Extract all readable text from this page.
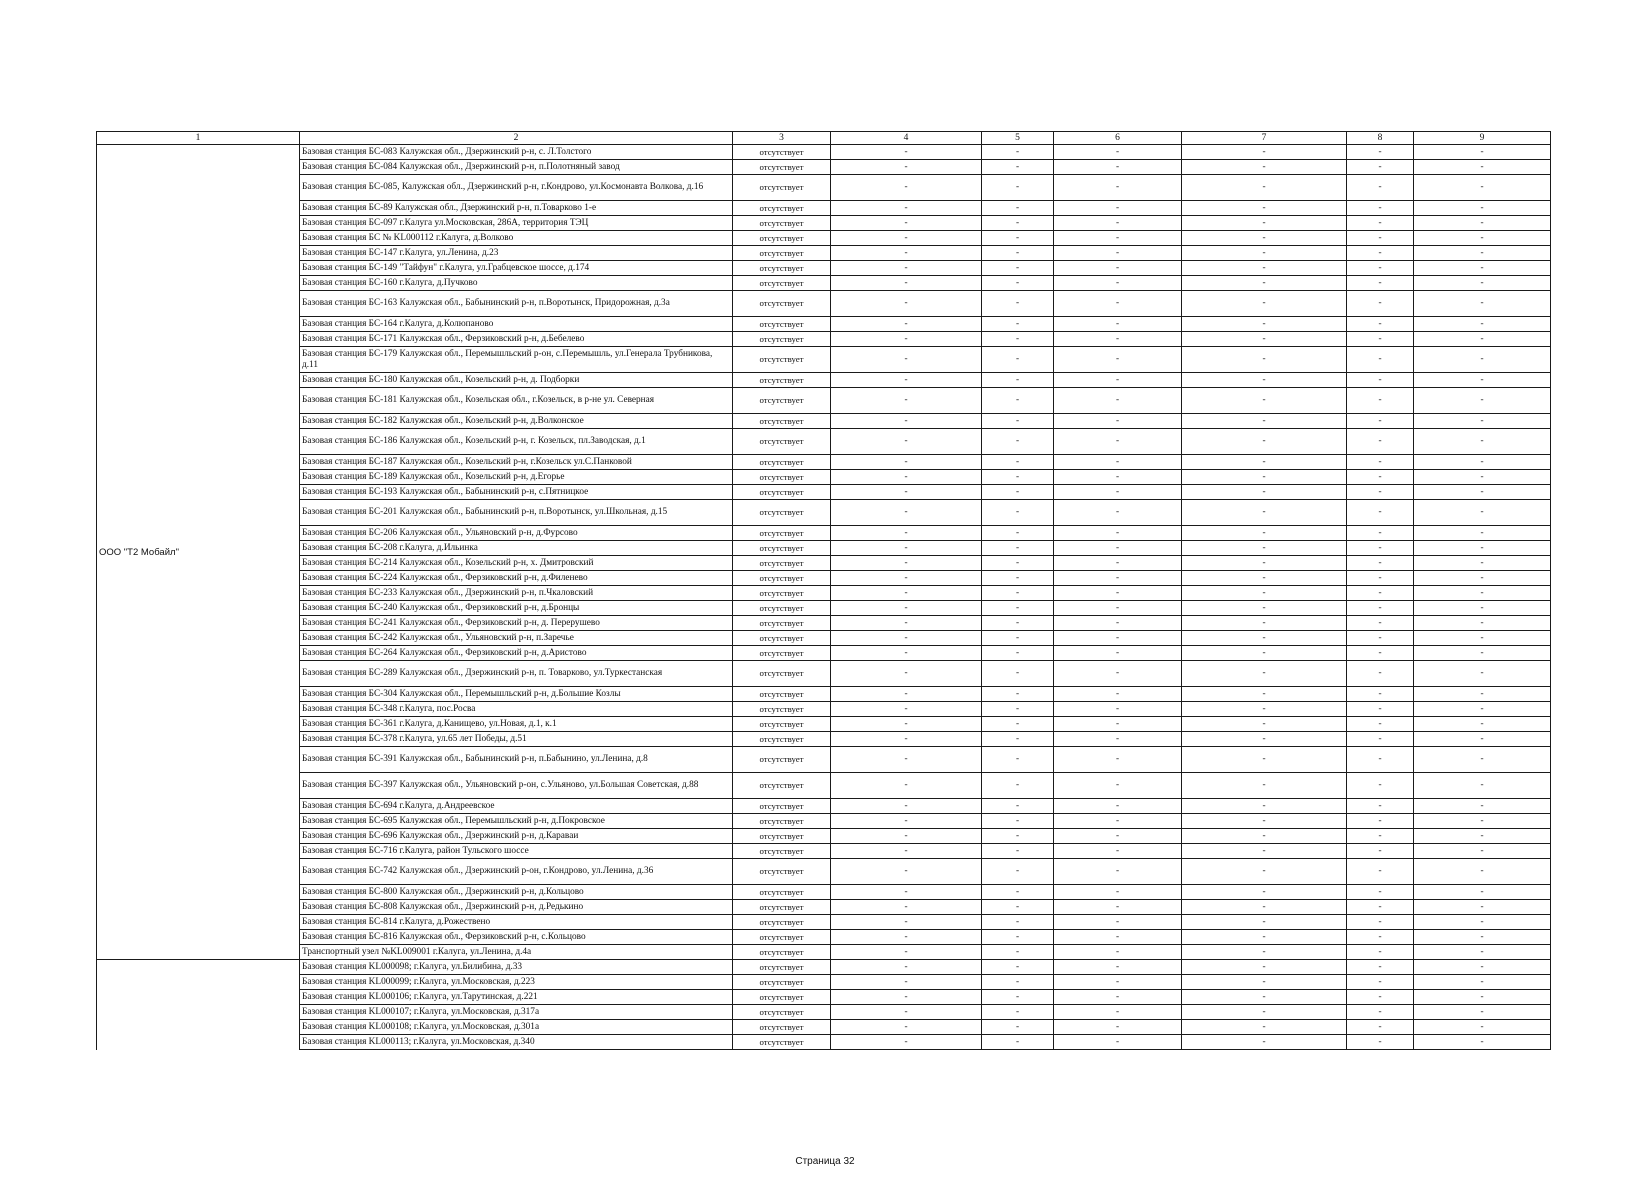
1	2	3	4	5	6	7	8	9
ООО "Т2 Мобайл"	Базовая станция БС-083 Калужская обл., Дзержинский р-н, с. Л.Толстого	отсутствует	-	-	-	-	-	-
	Базовая станция БС-084 Калужская обл., Дзержинский р-н, п.Полотняный завод	отсутствует	-	-	-	-	-	-
	Базовая станция БС-085, Калужская обл., Дзержинский р-н, г.Кондрово, ул.Космонавта Волкова, д.16	отсутствует	-	-	-	-	-	-
	Базовая станция БС-89 Калужская обл., Дзержинский р-н, п.Товарково 1-е	отсутствует	-	-	-	-	-	-
	Базовая станция БС-097 г.Калуга ул.Московская, 286А, территория ТЭЦ	отсутствует	-	-	-	-	-	-
	Базовая станция БС № KL000112 г.Калуга, д.Волково	отсутствует	-	-	-	-	-	-
	Базовая станция БС-147 г.Калуга, ул.Ленина, д.23	отсутствует	-	-	-	-	-	-
	Базовая станция БС-149 "Тайфун" г.Калуга, ул.Грабцевское шоссе, д.174	отсутствует	-	-	-	-	-	-
	Базовая станция БС-160 г.Калуга, д.Пучково	отсутствует	-	-	-	-	-	-
	Базовая станция БС-163 Калужская обл., Бабынинский р-н, п.Воротынск, Придорожная, д.3а	отсутствует	-	-	-	-	-	-
	Базовая станция БС-164 г.Калуга, д.Колюпаново	отсутствует	-	-	-	-	-	-
	Базовая станция БС-171 Калужская обл., Ферзиковский р-н, д.Бебелево	отсутствует	-	-	-	-	-	-
	Базовая станция БС-179 Калужская обл., Перемышльский р-он, с.Перемышль, ул.Генерала Трубникова, д.11	отсутствует	-	-	-	-	-	-
	Базовая станция БС-180 Калужская обл., Козельский р-н, д. Подборки	отсутствует	-	-	-	-	-	-
	Базовая станция БС-181 Калужская обл., Козельская обл., г.Козельск, в р-не ул. Северная	отсутствует	-	-	-	-	-	-
	Базовая станция БС-182 Калужская обл., Козельский р-н, д.Волконское	отсутствует	-	-	-	-	-	-
	Базовая станция БС-186 Калужская обл., Козельский р-н, г. Козельск, пл.Заводская, д.1	отсутствует	-	-	-	-	-	-
	Базовая станция БС-187 Калужская обл., Козельский р-н, г.Козельск ул.С.Панковой	отсутствует	-	-	-	-	-	-
	Базовая станция БС-189 Калужская обл., Козельский р-н, д.Егорье	отсутствует	-	-	-	-	-	-
	Базовая станция БС-193 Калужская обл., Бабынинский р-н, с.Пятницкое	отсутствует	-	-	-	-	-	-
	Базовая станция БС-201 Калужская обл., Бабынинский р-н, п.Воротынск, ул.Школьная, д.15	отсутствует	-	-	-	-	-	-
	Базовая станция БС-206 Калужская обл., Ульяновский р-н, д.Фурсово	отсутствует	-	-	-	-	-	-
	Базовая станция БС-208 г.Калуга, д.Ильинка	отсутствует	-	-	-	-	-	-
	Базовая станция БС-214 Калужская обл., Козельский р-н, х. Дмитровский	отсутствует	-	-	-	-	-	-
	Базовая станция БС-224 Калужская обл., Ферзиковский р-н, д.Филенево	отсутствует	-	-	-	-	-	-
	Базовая станция БС-233 Калужская обл., Дзержинский р-н, п.Чкаловский	отсутствует	-	-	-	-	-	-
	Базовая станция БС-240 Калужская обл., Ферзиковский р-н, д.Бронцы	отсутствует	-	-	-	-	-	-
	Базовая станция БС-241 Калужская обл., Ферзиковский р-н, д. Перерушево	отсутствует	-	-	-	-	-	-
	Базовая станция БС-242 Калужская обл., Ульяновский р-н, п.Заречье	отсутствует	-	-	-	-	-	-
	Базовая станция БС-264 Калужская обл., Ферзиковский р-н, д.Аристово	отсутствует	-	-	-	-	-	-
	Базовая станция БС-289 Калужская обл., Дзержинский р-н, п. Товарково, ул.Туркестанская	отсутствует	-	-	-	-	-	-
	Базовая станция БС-304 Калужская обл., Перемышльский р-н, д.Большие Козлы	отсутствует	-	-	-	-	-	-
	Базовая станция БС-348 г.Калуга, пос.Росва	отсутствует	-	-	-	-	-	-
	Базовая станция БС-361 г.Калуга, д.Канищево, ул.Новая, д.1, к.1	отсутствует	-	-	-	-	-	-
	Базовая станция БС-378 г.Калуга, ул.65 лет Победы, д.51	отсутствует	-	-	-	-	-	-
	Базовая станция БС-391 Калужская обл., Бабынинский р-н, п.Бабынино, ул.Ленина, д.8	отсутствует	-	-	-	-	-	-
	Базовая станция БС-397 Калужская обл., Ульяновский р-он, с.Ульяново, ул.Большая Советская, д.88	отсутствует	-	-	-	-	-	-
	Базовая станция БС-694 г.Калуга, д.Андреевское	отсутствует	-	-	-	-	-	-
	Базовая станция БС-695 Калужская обл., Перемышльский р-н, д.Покровское	отсутствует	-	-	-	-	-	-
	Базовая станция БС-696 Калужская обл., Дзержинский р-н, д.Караваи	отсутствует	-	-	-	-	-	-
	Базовая станция БС-716 г.Калуга, район Тульского шоссе	отсутствует	-	-	-	-	-	-
	Базовая станция БС-742 Калужская обл., Дзержинский р-он, г.Кондрово, ул.Ленина, д.36	отсутствует	-	-	-	-	-	-
	Базовая станция БС-800 Калужская обл., Дзержинский р-н, д.Кольцово	отсутствует	-	-	-	-	-	-
	Базовая станция БС-808 Калужская обл., Дзержинский р-н, д.Редькино	отсутствует	-	-	-	-	-	-
	Базовая станция БС-814 г.Калуга, д.Рожествено	отсутствует	-	-	-	-	-	-
	Базовая станция БС-816 Калужская обл., Ферзиковский р-н, с.Кольцово	отсутствует	-	-	-	-	-	-
	Транспортный узел №KL009001 г.Калуга, ул.Ленина, д.4а	отсутствует	-	-	-	-	-	-
	Базовая станция KL000098; г.Калуга, ул.Билибина, д.33	отсутствует	-	-	-	-	-	-
	Базовая станция KL000099; г.Калуга, ул.Московская, д.223	отсутствует	-	-	-	-	-	-
	Базовая станция KL000106; г.Калуга, ул.Тарутинская, д.221	отсутствует	-	-	-	-	-	-
	Базовая станция KL000107; г.Калуга, ул.Московская, д.317а	отсутствует	-	-	-	-	-	-
	Базовая станция KL000108; г.Калуга, ул.Московская, д.301а	отсутствует	-	-	-	-	-	-
	Базовая станция KL000113; г.Калуга, ул.Московская, д.340	отсутствует	-	-	-	-	-	-
Страница 32
